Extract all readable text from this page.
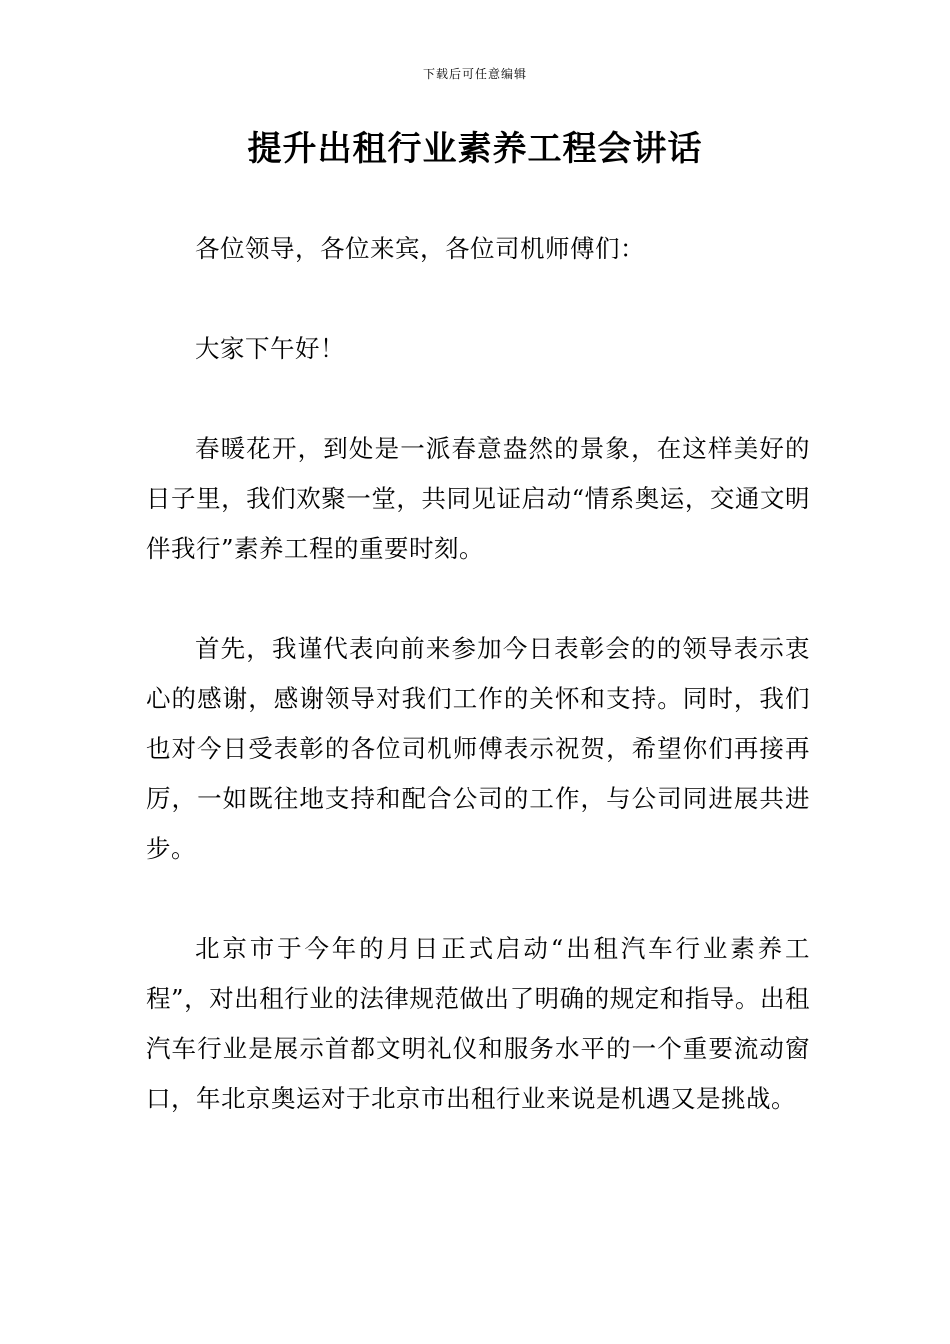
下载后可任意编辑
提升出租行业素养工程会讲话

各位领导，各位来宾，各位司机师傅们：

大家下午好！

春暖花开，到处是一派春意盎然的景象，在这样美好的日子里，我们欢聚一堂，共同见证启动“情系奥运，交通文明伴我行”素养工程的重要时刻。

首先，我谨代表向前来参加今日表彰会的的领导表示衷心的感谢，感谢领导对我们工作的关怀和支持。同时，我们也对今日受表彰的各位司机师傅表示祝贺，希望你们再接再厉，一如既往地支持和配合公司的工作，与公司同进展共进步。

北京市于今年的月日正式启动“出租汽车行业素养工程”，对出租行业的法律规范做出了明确的规定和指导。出租汽车行业是展示首都文明礼仪和服务水平的一个重要流动窗口，年北京奥运对于北京市出租行业来说是机遇又是挑战。
